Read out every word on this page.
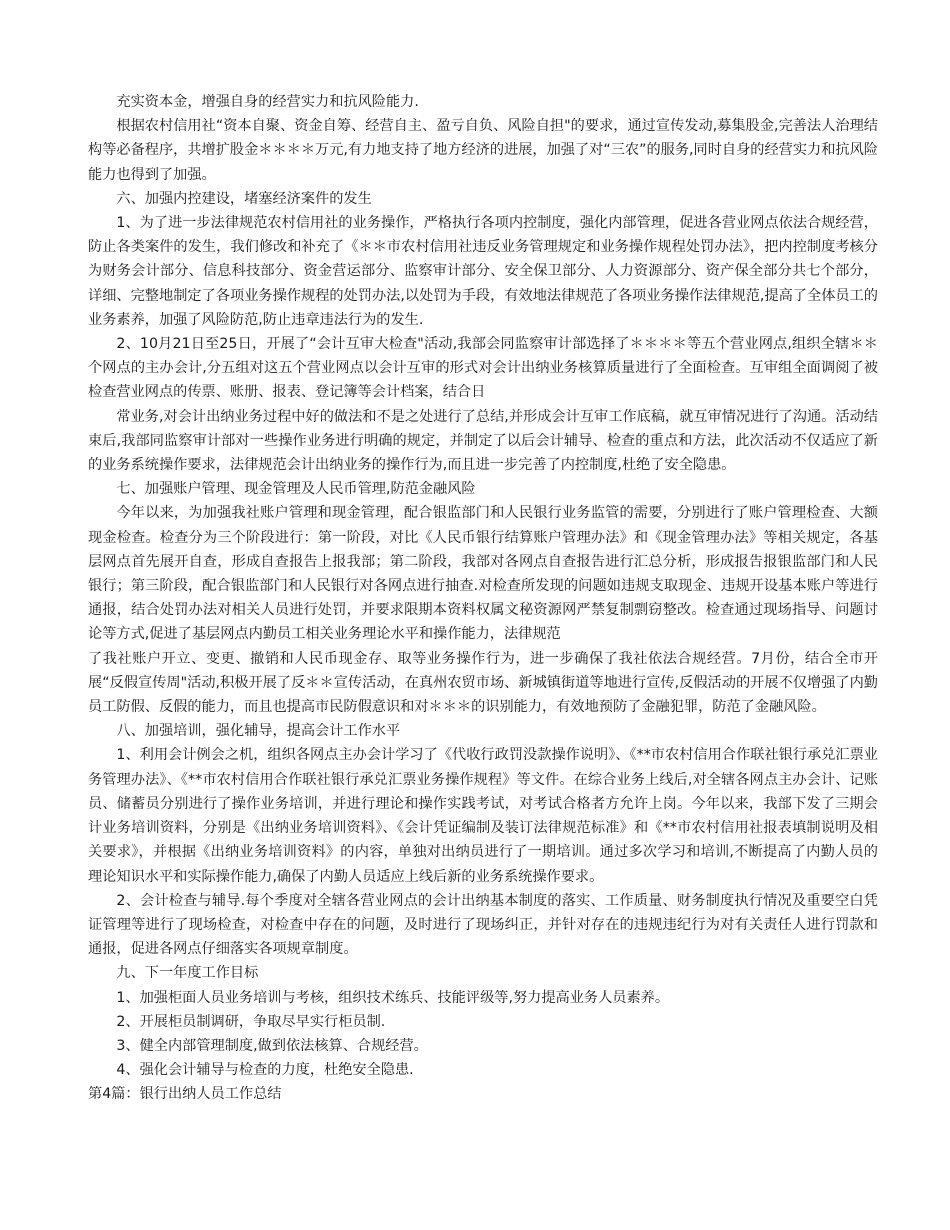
充实资本金，增强自身的经营实力和抗风险能力.

根据农村信用社“资本自聚、资金自筹、经营自主、盈亏自负、风险自担"的要求，通过宣传发动,募集股金,完善法人治理结构等必备程序，共增扩股金＊＊＊＊万元,有力地支持了地方经济的进展，加强了对“三农”的服务,同时自身的经营实力和抗风险能力也得到了加强。

六、加强内控建设，堵塞经济案件的发生

1、为了进一步法律规范农村信用社的业务操作，严格执行各项内控制度，强化内部管理，促进各营业网点依法合规经营，防止各类案件的发生，我们修改和补充了《＊＊市农村信用社违反业务管理规定和业务操作规程处罚办法》，把内控制度考核分为财务会计部分、信息科技部分、资金营运部分、监察审计部分、安全保卫部分、人力资源部分、资产保全部分共七个部分，详细、完整地制定了各项业务操作规程的处罚办法,以处罚为手段，有效地法律规范了各项业务操作法律规范,提高了全体员工的业务素养，加强了风险防范,防止违章违法行为的发生.

2、10月21日至25日，开展了“会计互审大检查"活动,我部会同监察审计部选择了＊＊＊＊等五个营业网点,组织全辖＊＊个网点的主办会计,分五组对这五个营业网点以会计互审的形式对会计出纳业务核算质量进行了全面检查。互审组全面调阅了被检查营业网点的传票、账册、报表、登记簿等会计档案，结合日

常业务,对会计出纳业务过程中好的做法和不是之处进行了总结,并形成会计互审工作底稿，就互审情况进行了沟通。活动结束后,我部同监察审计部对一些操作业务进行明确的规定，并制定了以后会计辅导、检查的重点和方法，此次活动不仅适应了新的业务系统操作要求，法律规范会计出纳业务的操作行为,而且进一步完善了内控制度,杜绝了安全隐患。

七、加强账户管理、现金管理及人民币管理,防范金融风险

今年以来，为加强我社账户管理和现金管理，配合银监部门和人民银行业务监管的需要，分别进行了账户管理检查、大额现金检查。检查分为三个阶段进行：第一阶段，对比《人民币银行结算账户管理办法》和《现金管理办法》等相关规定，各基层网点首先展开自查，形成自查报告上报我部；第二阶段，我部对各网点自查报告进行汇总分析，形成报告报银监部门和人民银行；第三阶段，配合银监部门和人民银行对各网点进行抽查.对检查所发现的问题如违规支取现金、违规开设基本账户等进行通报，结合处罚办法对相关人员进行处罚，并要求限期本资料权属文秘资源网严禁复制剽窃整改。检查通过现场指导、问题讨论等方式,促进了基层网点内勤员工相关业务理论水平和操作能力，法律规范

了我社账户开立、变更、撤销和人民币现金存、取等业务操作行为，进一步确保了我社依法合规经营。7月份，结合全市开展“反假宣传周"活动,积极开展了反＊＊宣传活动，在真州农贸市场、新城镇街道等地进行宣传,反假活动的开展不仅增强了内勤员工防假、反假的能力，而且也提高市民防假意识和对＊＊＊的识别能力，有效地预防了金融犯罪，防范了金融风险。

八、加强培训，强化辅导，提高会计工作水平

1、利用会计例会之机，组织各网点主办会计学习了《代收行政罚没款操作说明》、《**市农村信用合作联社银行承兑汇票业务管理办法》、《**市农村信用合作联社银行承兑汇票业务操作规程》等文件。在综合业务上线后,对全辖各网点主办会计、记账员、储蓄员分别进行了操作业务培训，并进行理论和操作实践考试，对考试合格者方允许上岗。今年以来，我部下发了三期会计业务培训资料，分别是《出纳业务培训资料》、《会计凭证编制及装订法律规范标准》和《**市农村信用社报表填制说明及相关要求》，并根据《出纳业务培训资料》的内容，单独对出纳员进行了一期培训。通过多次学习和培训,不断提高了内勤人员的理论知识水平和实际操作能力,确保了内勤人员适应上线后新的业务系统操作要求。

2、会计检查与辅导.每个季度对全辖各营业网点的会计出纳基本制度的落实、工作质量、财务制度执行情况及重要空白凭证管理等进行了现场检查，对检查中存在的问题，及时进行了现场纠正，并针对存在的违规违纪行为对有关责任人进行罚款和通报，促进各网点仔细落实各项规章制度。

九、下一年度工作目标

1、加强柜面人员业务培训与考核，组织技术练兵、技能评级等,努力提高业务人员素养。

2、开展柜员制调研，争取尽早实行柜员制.

3、健全内部管理制度,做到依法核算、合规经营。

4、强化会计辅导与检查的力度，杜绝安全隐患.

第4篇：银行出纳人员工作总结
